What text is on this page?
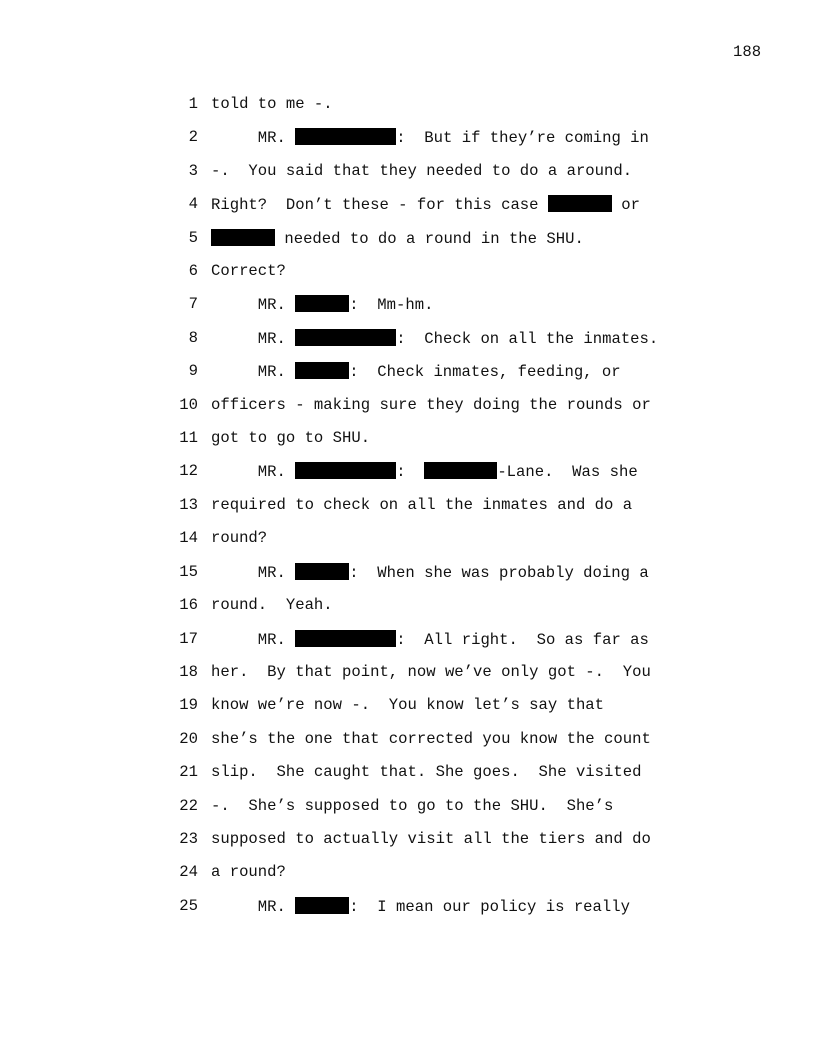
188
1 told to me -.
2 MR.	:  But if they’re coming in
3 -.  You said that they needed to do a around.
4 Right?  Don’t these - for this case	or
5	needed to do a round in the SHU.
6 Correct?
7 MR.	:  Mm-hm.
8 MR.	:  Check on all the inmates.
9 MR.	:  Check inmates, feeding, or
10 officers - making sure they doing the rounds or
11 got to go to SHU.
12 MR.	:	-Lane.  Was she
13 required to check on all the inmates and do a
14 round?
15 MR.	:  When she was probably doing a
16 round.  Yeah.
17 MR.	:  All right.  So as far as
18 her.  By that point, now we’ve only got -.  You
19 know we’re now -.  You know let’s say that
20 she’s the one that corrected you know the count
21 slip.  She caught that. She goes.  She visited
22 -.  She’s supposed to go to the SHU.  She’s
23 supposed to actually visit all the tiers and do
24 a round?
25 MR.	:  I mean our policy is really
